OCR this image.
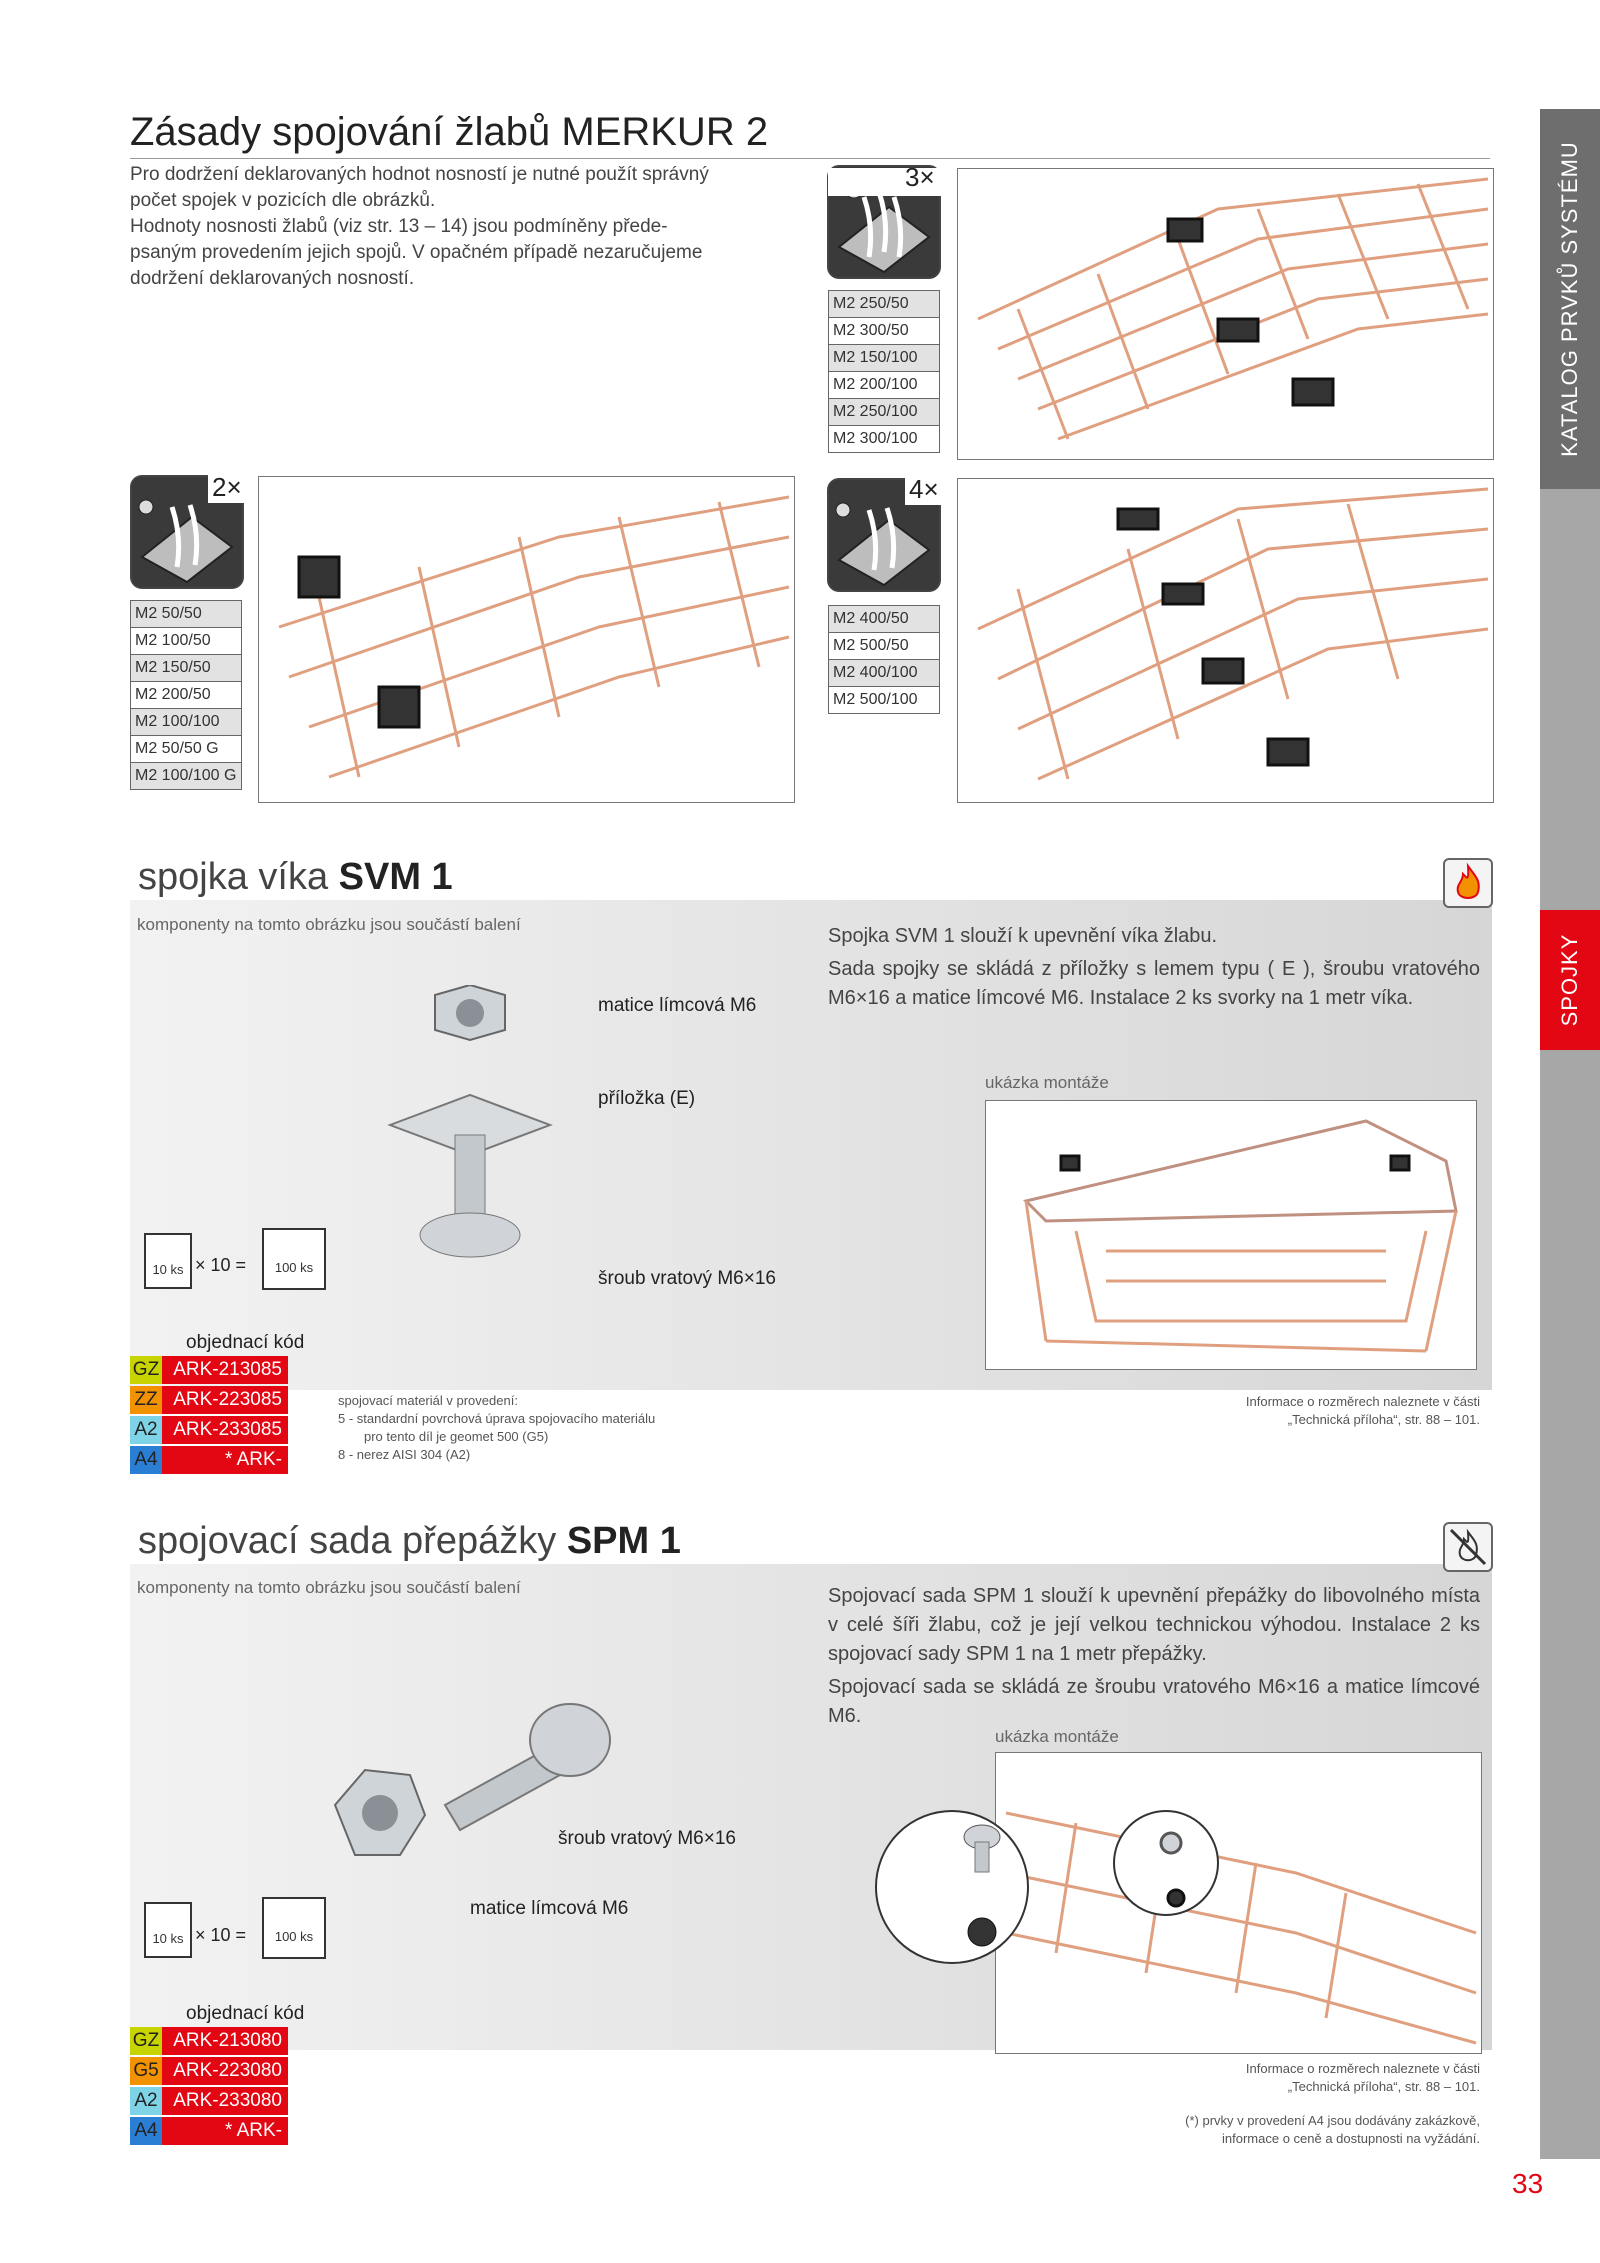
KATALOG PRVKŮ SYSTÉMU
SPOJKY
Zásady spojování žlabů MERKUR 2
Pro dodržení deklarovaných hodnot nosností je nutné použít správný
počet spojek v pozicích dle obrázků.
Hodnoty nosnosti žlabů (viz str. 13 – 14) jsou podmíněny přede-
psaným provedením jejich spojů. V opačném případě nezaručujeme
dodržení deklarovaných nosností.
3×
M2 250/50
M2 300/50
M2 150/100
M2 200/100
M2 250/100
M2 300/100
2×
M2 50/50
M2 100/50
M2 150/50
M2 200/50
M2 100/100
M2 50/50 G
M2 100/100 G
4×
M2 400/50
M2 500/50
M2 400/100
M2 500/100
spojka víka SVM 1
komponenty na tomto obrázku jsou součástí balení
matice límcová M6
příložka (E)
šroub vratový M6×16
10 ks × 10 =	100 ks
objednací kód
GZ ARK-213085
ZZ ARK-223085
A2 ARK-233085
A4	* ARK-243085
spojovací materiál v provedení:
5 - standardní povrchová úprava spojovacího materiálu
pro tento díl je geomet 500 (G5)
8 - nerez AISI 304 (A2)
Spojka SVM 1 slouží k upevnění víka žlabu.
Sada spojky se skládá z příložky s lemem typu ( E ), šroubu vratového M6×16 a matice límcové M6. Instalace 2 ks svorky na 1 metr víka.
ukázka montáže
Informace o rozměrech naleznete v části
„Technická příloha“, str. 88 – 101.
spojovací sada přepážky SPM 1
komponenty na tomto obrázku jsou součástí balení
šroub vratový M6×16
matice límcová M6
10 ks × 10 =	100 ks
objednací kód
GZ ARK-213080
G5 ARK-223080
A2 ARK-233080
A4	* ARK-243080
Spojovací sada SPM 1 slouží k upevnění přepážky do libovolného místa v celé šíři žlabu, což je její velkou technickou výhodou. Instalace 2 ks spojovací sady SPM 1 na 1 metr přepážky.
Spojovací sada se skládá ze šroubu vratového M6×16 a matice límcové M6.
ukázka montáže
Informace o rozměrech naleznete v části
„Technická příloha“, str. 88 – 101.
(*) prvky v provedení A4 jsou dodávány zakázkově,
informace o ceně a dostupnosti na vyžádání.
33
